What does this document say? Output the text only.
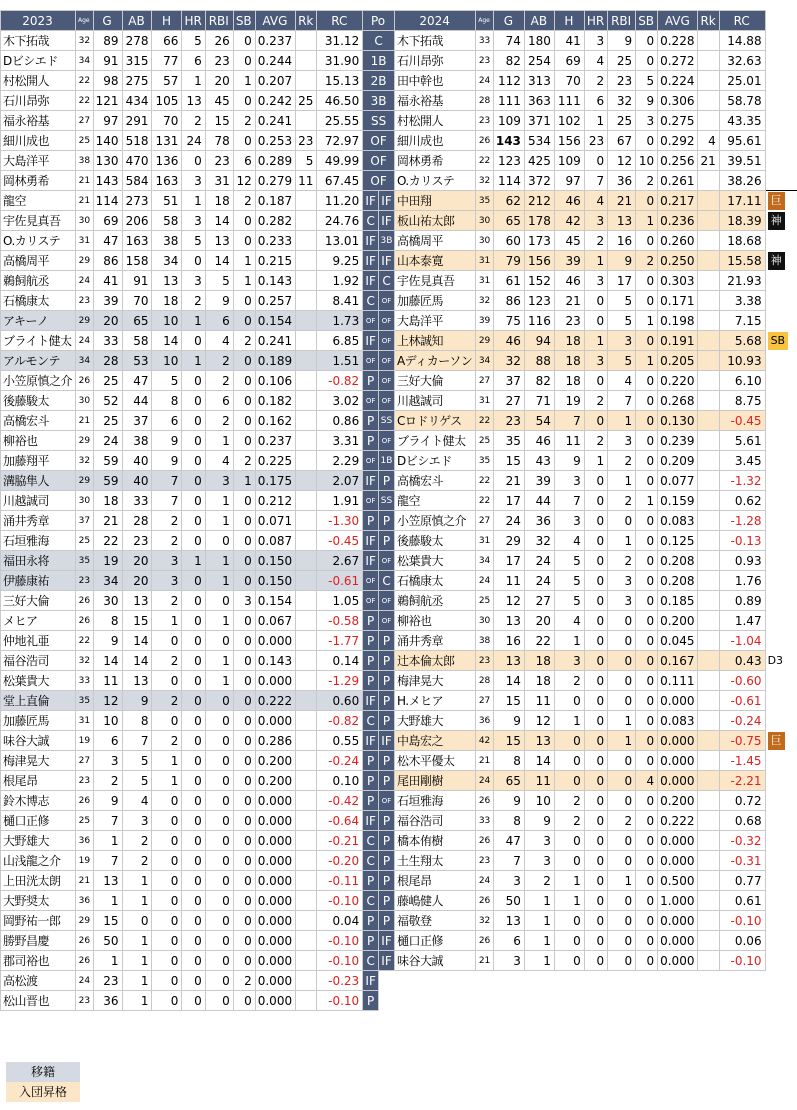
2023	Age	G	AB	H	HR	RBI	SB	AVG	Rk	RC	Po		2024	Age	G	AB	H	HR	RBI	SB	AVG	Rk	RC	
木下拓哉	32	89	278	66	5	26	0	0.237		31.12	C		木下拓哉	33	74	180	41	3	9	0	0.228		14.88	
Dビシエド	34	91	315	77	6	23	0	0.244		31.90	1B		石川昂弥	23	82	254	69	4	25	0	0.272		32.63	
村松開人	22	98	275	57	1	20	1	0.207		15.13	2B		田中幹也	24	112	313	70	2	23	5	0.224		25.01	
石川昂弥	22	121	434	105	13	45	0	0.242	25	46.50	3B		福永裕基	28	111	363	111	6	32	9	0.306		58.78	
福永裕基	27	97	291	70	2	15	2	0.241		25.55	SS		村松開人	23	109	371	102	1	25	3	0.275		43.35	
細川成也	25	140	518	131	24	78	0	0.253	23	72.97	OF		細川成也	26	143	534	156	23	67	0	0.292	4	95.61	
大島洋平	38	130	470	136	0	23	6	0.289	5	49.99	OF		岡林勇希	22	123	425	109	0	12	10	0.256	21	39.51	
岡林勇希	21	143	584	163	3	31	12	0.279	11	67.45	OF		O.カリステ	32	114	372	97	7	36	2	0.261		38.26	
龍空	21	114	273	51	1	18	2	0.187		11.20	IF	IF	中田翔	35	62	212	46	4	21	0	0.217		17.11	巨
宇佐見真吾	30	69	206	58	3	14	0	0.282		24.76	C	IF	板山祐太郎	30	65	178	42	3	13	1	0.236		18.39	神
O.カリステ	31	47	163	38	5	13	0	0.233		13.01	IF	3B	高橋周平	30	60	173	45	2	16	0	0.260		18.68	
高橋周平	29	86	158	34	0	14	1	0.215		9.25	IF	IF	山本泰寛	31	79	156	39	1	9	2	0.250		15.58	神
鵜飼航丞	24	41	91	13	3	5	1	0.143		1.92	IF	C	宇佐見真吾	31	61	152	46	3	17	0	0.303		21.93	
石橋康太	23	39	70	18	2	9	0	0.257		8.41	C	OF	加藤匠馬	32	86	123	21	0	5	0	0.171		3.38	
アキーノ	29	20	65	10	1	6	0	0.154		1.73	OF	OF	大島洋平	39	75	116	23	0	5	1	0.198		7.15	
ブライト健太	24	33	58	14	0	4	2	0.241		6.85	IF	OF	上林誠知	29	46	94	18	1	3	0	0.191		5.68	SB
アルモンテ	34	28	53	10	1	2	0	0.189		1.51	OF	OF	Aディカーソン	34	32	88	18	3	5	1	0.205		10.93	
小笠原慎之介	26	25	47	5	0	2	0	0.106		-0.82	P	OF	三好大倫	27	37	82	18	0	4	0	0.220		6.10	
後藤駿太	30	52	44	8	0	6	0	0.182		3.02	OF	OF	川越誠司	31	27	71	19	2	7	0	0.268		8.75	
高橋宏斗	21	25	37	6	0	2	0	0.162		0.86	P	SS	Cロドリゲス	22	23	54	7	0	1	0	0.130		-0.45	
柳裕也	29	24	38	9	0	1	0	0.237		3.31	P	OF	ブライト健太	25	35	46	11	2	3	0	0.239		5.61	
加藤翔平	32	59	40	9	0	4	2	0.225		2.29	OF	1B	Dビシエド	35	15	43	9	1	2	0	0.209		3.45	
溝脇隼人	29	59	40	7	0	3	1	0.175		2.07	IF	P	高橋宏斗	22	21	39	3	0	1	0	0.077		-1.32	
川越誠司	30	18	33	7	0	1	0	0.212		1.91	OF	SS	龍空	22	17	44	7	0	2	1	0.159		0.62	
涌井秀章	37	21	28	2	0	1	0	0.071		-1.30	P	P	小笠原慎之介	27	24	36	3	0	0	0	0.083		-1.28	
石垣雅海	25	22	23	2	0	0	0	0.087		-0.45	IF	P	後藤駿太	31	29	32	4	0	1	0	0.125		-0.13	
福田永将	35	19	20	3	1	1	0	0.150		2.67	IF	OF	松葉貴大	34	17	24	5	0	2	0	0.208		0.93	
伊藤康祐	23	34	20	3	0	1	0	0.150		-0.61	OF	C	石橋康太	24	11	24	5	0	3	0	0.208		1.76	
三好大倫	26	30	13	2	0	0	3	0.154		1.05	OF	OF	鵜飼航丞	25	12	27	5	0	3	0	0.185		0.89	
メヒア	26	8	15	1	0	1	0	0.067		-0.58	P	OF	柳裕也	30	13	20	4	0	0	0	0.200		1.47	
仲地礼亜	22	9	14	0	0	0	0	0.000		-1.77	P	P	涌井秀章	38	16	22	1	0	0	0	0.045		-1.04	
福谷浩司	32	14	14	2	0	1	0	0.143		0.14	P	P	辻本倫太郎	23	13	18	3	0	0	0	0.167		0.43	D3
松葉貴大	33	11	13	0	0	1	0	0.000		-1.29	P	P	梅津晃大	28	14	18	2	0	0	0	0.111		-0.60	
堂上直倫	35	12	9	2	0	0	0	0.222		0.60	IF	P	H.メヒア	27	15	11	0	0	0	0	0.000		-0.61	
加藤匠馬	31	10	8	0	0	0	0	0.000		-0.82	C	P	大野雄大	36	9	12	1	0	1	0	0.083		-0.24	
味谷大誠	19	6	7	2	0	0	0	0.286		0.55	IF	IF	中島宏之	42	15	13	0	0	1	0	0.000		-0.75	巨
梅津晃大	27	3	5	1	0	0	0	0.200		-0.24	P	P	松木平優太	21	8	14	0	0	0	0	0.000		-1.45	
根尾昂	23	2	5	1	0	0	0	0.200		0.10	P	P	尾田剛樹	24	65	11	0	0	0	4	0.000		-2.21	
鈴木博志	26	9	4	0	0	0	0	0.000		-0.42	P	OF	石垣雅海	26	9	10	2	0	0	0	0.200		0.72	
樋口正修	25	7	3	0	0	0	0	0.000		-0.64	IF	P	福谷浩司	33	8	9	2	0	2	0	0.222		0.68	
大野雄大	36	1	2	0	0	0	0	0.000		-0.21	C	P	橋本侑樹	26	47	3	0	0	0	0	0.000		-0.32	
山浅龍之介	19	7	2	0	0	0	0	0.000		-0.20	C	P	土生翔太	23	7	3	0	0	0	0	0.000		-0.31	
上田洸太朗	21	13	1	0	0	0	0	0.000		-0.11	P	P	根尾昂	24	3	2	1	0	1	0	0.500		0.77	
大野奨太	36	1	1	0	0	0	0	0.000		-0.10	C	P	藤嶋健人	26	50	1	1	0	0	0	1.000		0.61	
岡野祐一郎	29	15	0	0	0	0	0	0.000		0.04	P	P	福敬登	32	13	1	0	0	0	0	0.000		-0.10	
勝野昌慶	26	50	1	0	0	0	0	0.000		-0.10	P	IF	樋口正修	26	6	1	0	0	0	0	0.000		0.06	
郡司裕也	26	1	1	0	0	0	0	0.000		-0.10	C	IF	味谷大誠	21	3	1	0	0	0	0	0.000		-0.10	
高松渡	24	23	1	0	0	0	2	0.000		-0.23	IF													
松山晋也	23	36	1	0	0	0	0	0.000		-0.10	P													
移籍
入団昇格
